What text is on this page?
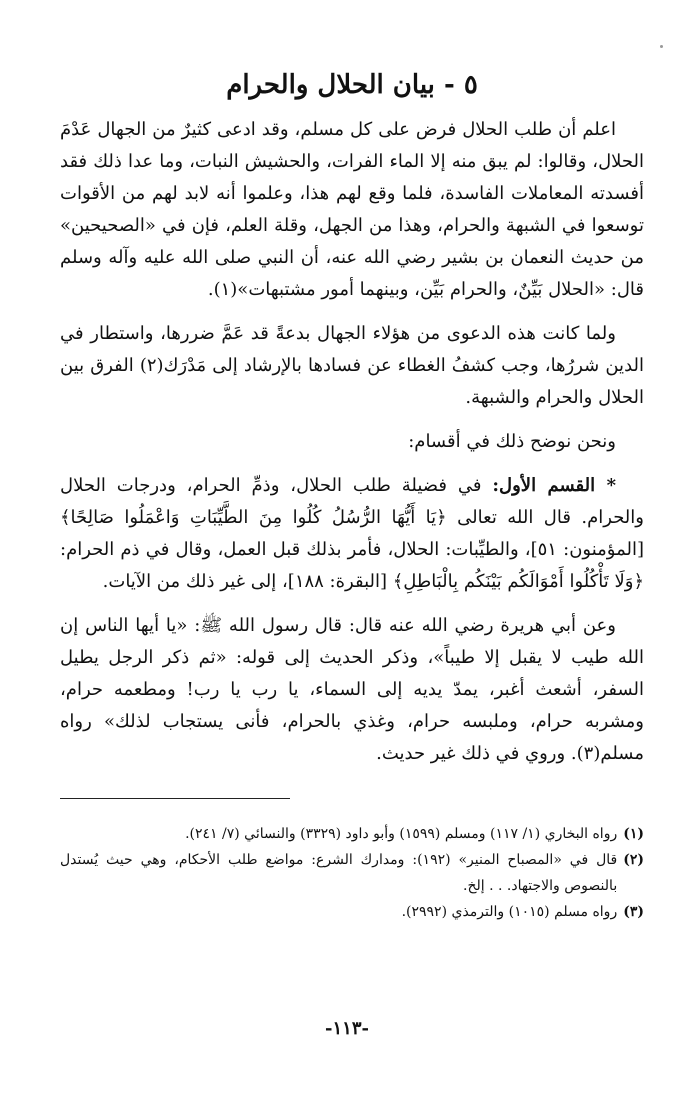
٥ - بيان الحلال والحرام

اعلم أن طلب الحلال فرض على كل مسلم، وقد ادعى كثيرٌ من الجهال عَدْمَ الحلال، وقالوا: لم يبق منه إلا الماء الفرات، والحشيش النبات، وما عدا ذلك فقد أفسدته المعاملات الفاسدة، فلما وقع لهم هذا، وعلموا أنه لابد لهم من الأقوات توسعوا في الشبهة والحرام، وهذا من الجهل، وقلة العلم، فإن في «الصحيحين» من حديث النعمان بن بشير رضي الله عنه، أن النبي صلى الله عليه وآله وسلم قال: «الحلال بَيِّنٌ، والحرام بَيِّن، وبينهما أمور مشتبهات»(١).

ولما كانت هذه الدعوى من هؤلاء الجهال بدعةً قد عَمَّ ضررها، واستطار في الدين شررُها، وجب كشفُ الغطاء عن فسادها بالإرشاد إلى مَدْرَك(٢) الفرق بين الحلال والحرام والشبهة.

ونحن نوضح ذلك في أقسام:

* القسم الأول: في فضيلة طلب الحلال، وذمِّ الحرام، ودرجات الحلال والحرام. قال الله تعالى ﴿يَا أَيُّهَا الرُّسُلُ كُلُوا مِنَ الطَّيِّبَاتِ وَاعْمَلُوا صَالِحًا﴾ [المؤمنون: ٥١]، والطيِّبات: الحلال، فأمر بذلك قبل العمل، وقال في ذم الحرام: ﴿وَلَا تَأْكُلُوا أَمْوَالَكُم بَيْنَكُم بِالْبَاطِلِ﴾ [البقرة: ١٨٨]، إلى غير ذلك من الآيات.

وعن أبي هريرة رضي الله عنه قال: قال رسول الله ﷺ: «يا أيها الناس إن الله طيب لا يقبل إلا طيباً»، وذكر الحديث إلى قوله: «ثم ذكر الرجل يطيل السفر، أشعث أغبر، يمدّ يديه إلى السماء، يا رب يا رب! ومطعمه حرام، ومشربه حرام، وملبسه حرام، وغذي بالحرام، فأنى يستجاب لذلك» رواه مسلم(٣). وروي في ذلك غير حديث.

(١)
رواه البخاري (١/ ١١٧) ومسلم (١٥٩٩) وأبو داود (٣٣٢٩) والنسائي (٧/ ٢٤١).
(٢)
قال في «المصباح المنير» (١٩٢): ومدارك الشرع: مواضع طلب الأحكام، وهي حيث يُستدل بالنصوص والاجتهاد. . . إلخ.
(٣)
رواه مسلم (١٠١٥) والترمذي (٢٩٩٢).
-١١٣-
